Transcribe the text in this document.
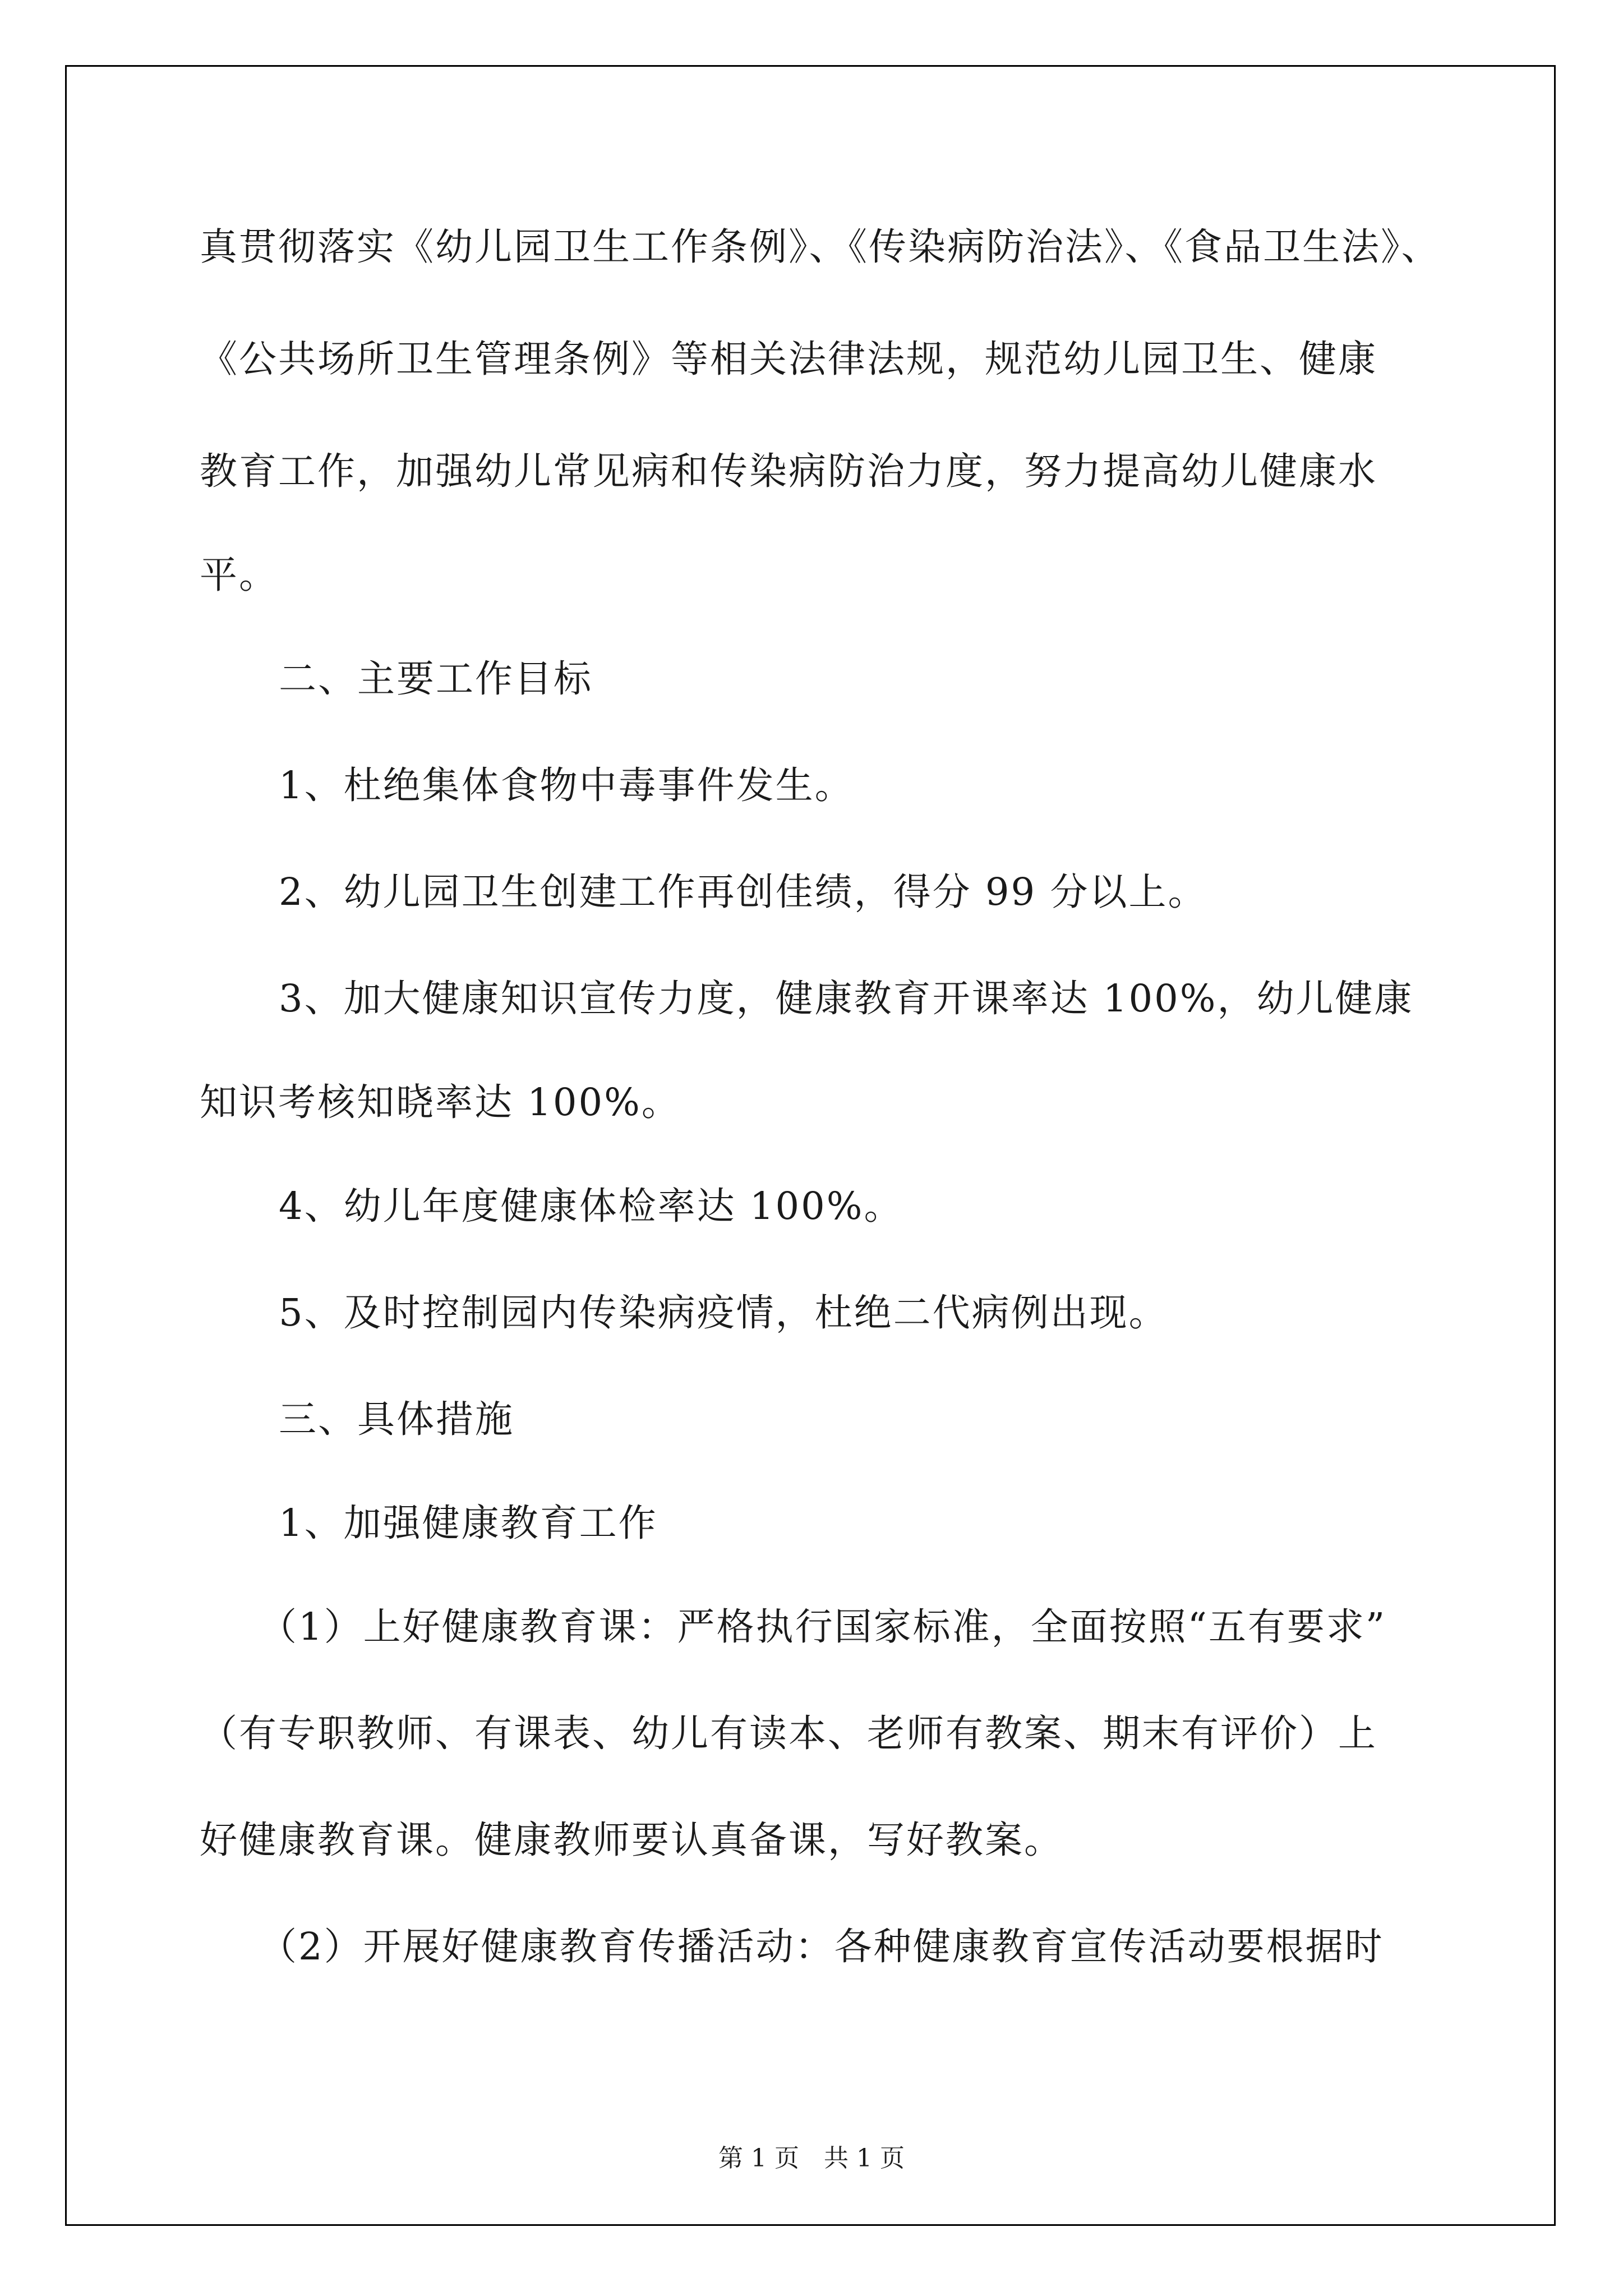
真贯彻落实《幼儿园卫生工作条例》、《传染病防治法》、《食品卫生法》、
《公共场所卫生管理条例》等相关法律法规，规范幼儿园卫生、健康
教育工作，加强幼儿常见病和传染病防治力度，努力提高幼儿健康水
平。
二、主要工作目标
1、杜绝集体食物中毒事件发生。
2、幼儿园卫生创建工作再创佳绩，得分 99 分以上。
3、加大健康知识宣传力度，健康教育开课率达 100%，幼儿健康
知识考核知晓率达 100%。
4、幼儿年度健康体检率达 100%。
5、及时控制园内传染病疫情，杜绝二代病例出现。
三、具体措施
1、加强健康教育工作
（1）上好健康教育课：严格执行国家标准，全面按照“五有要求”
（有专职教师、有课表、幼儿有读本、老师有教案、期末有评价）上
好健康教育课。健康教师要认真备课，写好教案。
（2）开展好健康教育传播活动：各种健康教育宣传活动要根据时
第 1 页　共 1 页
